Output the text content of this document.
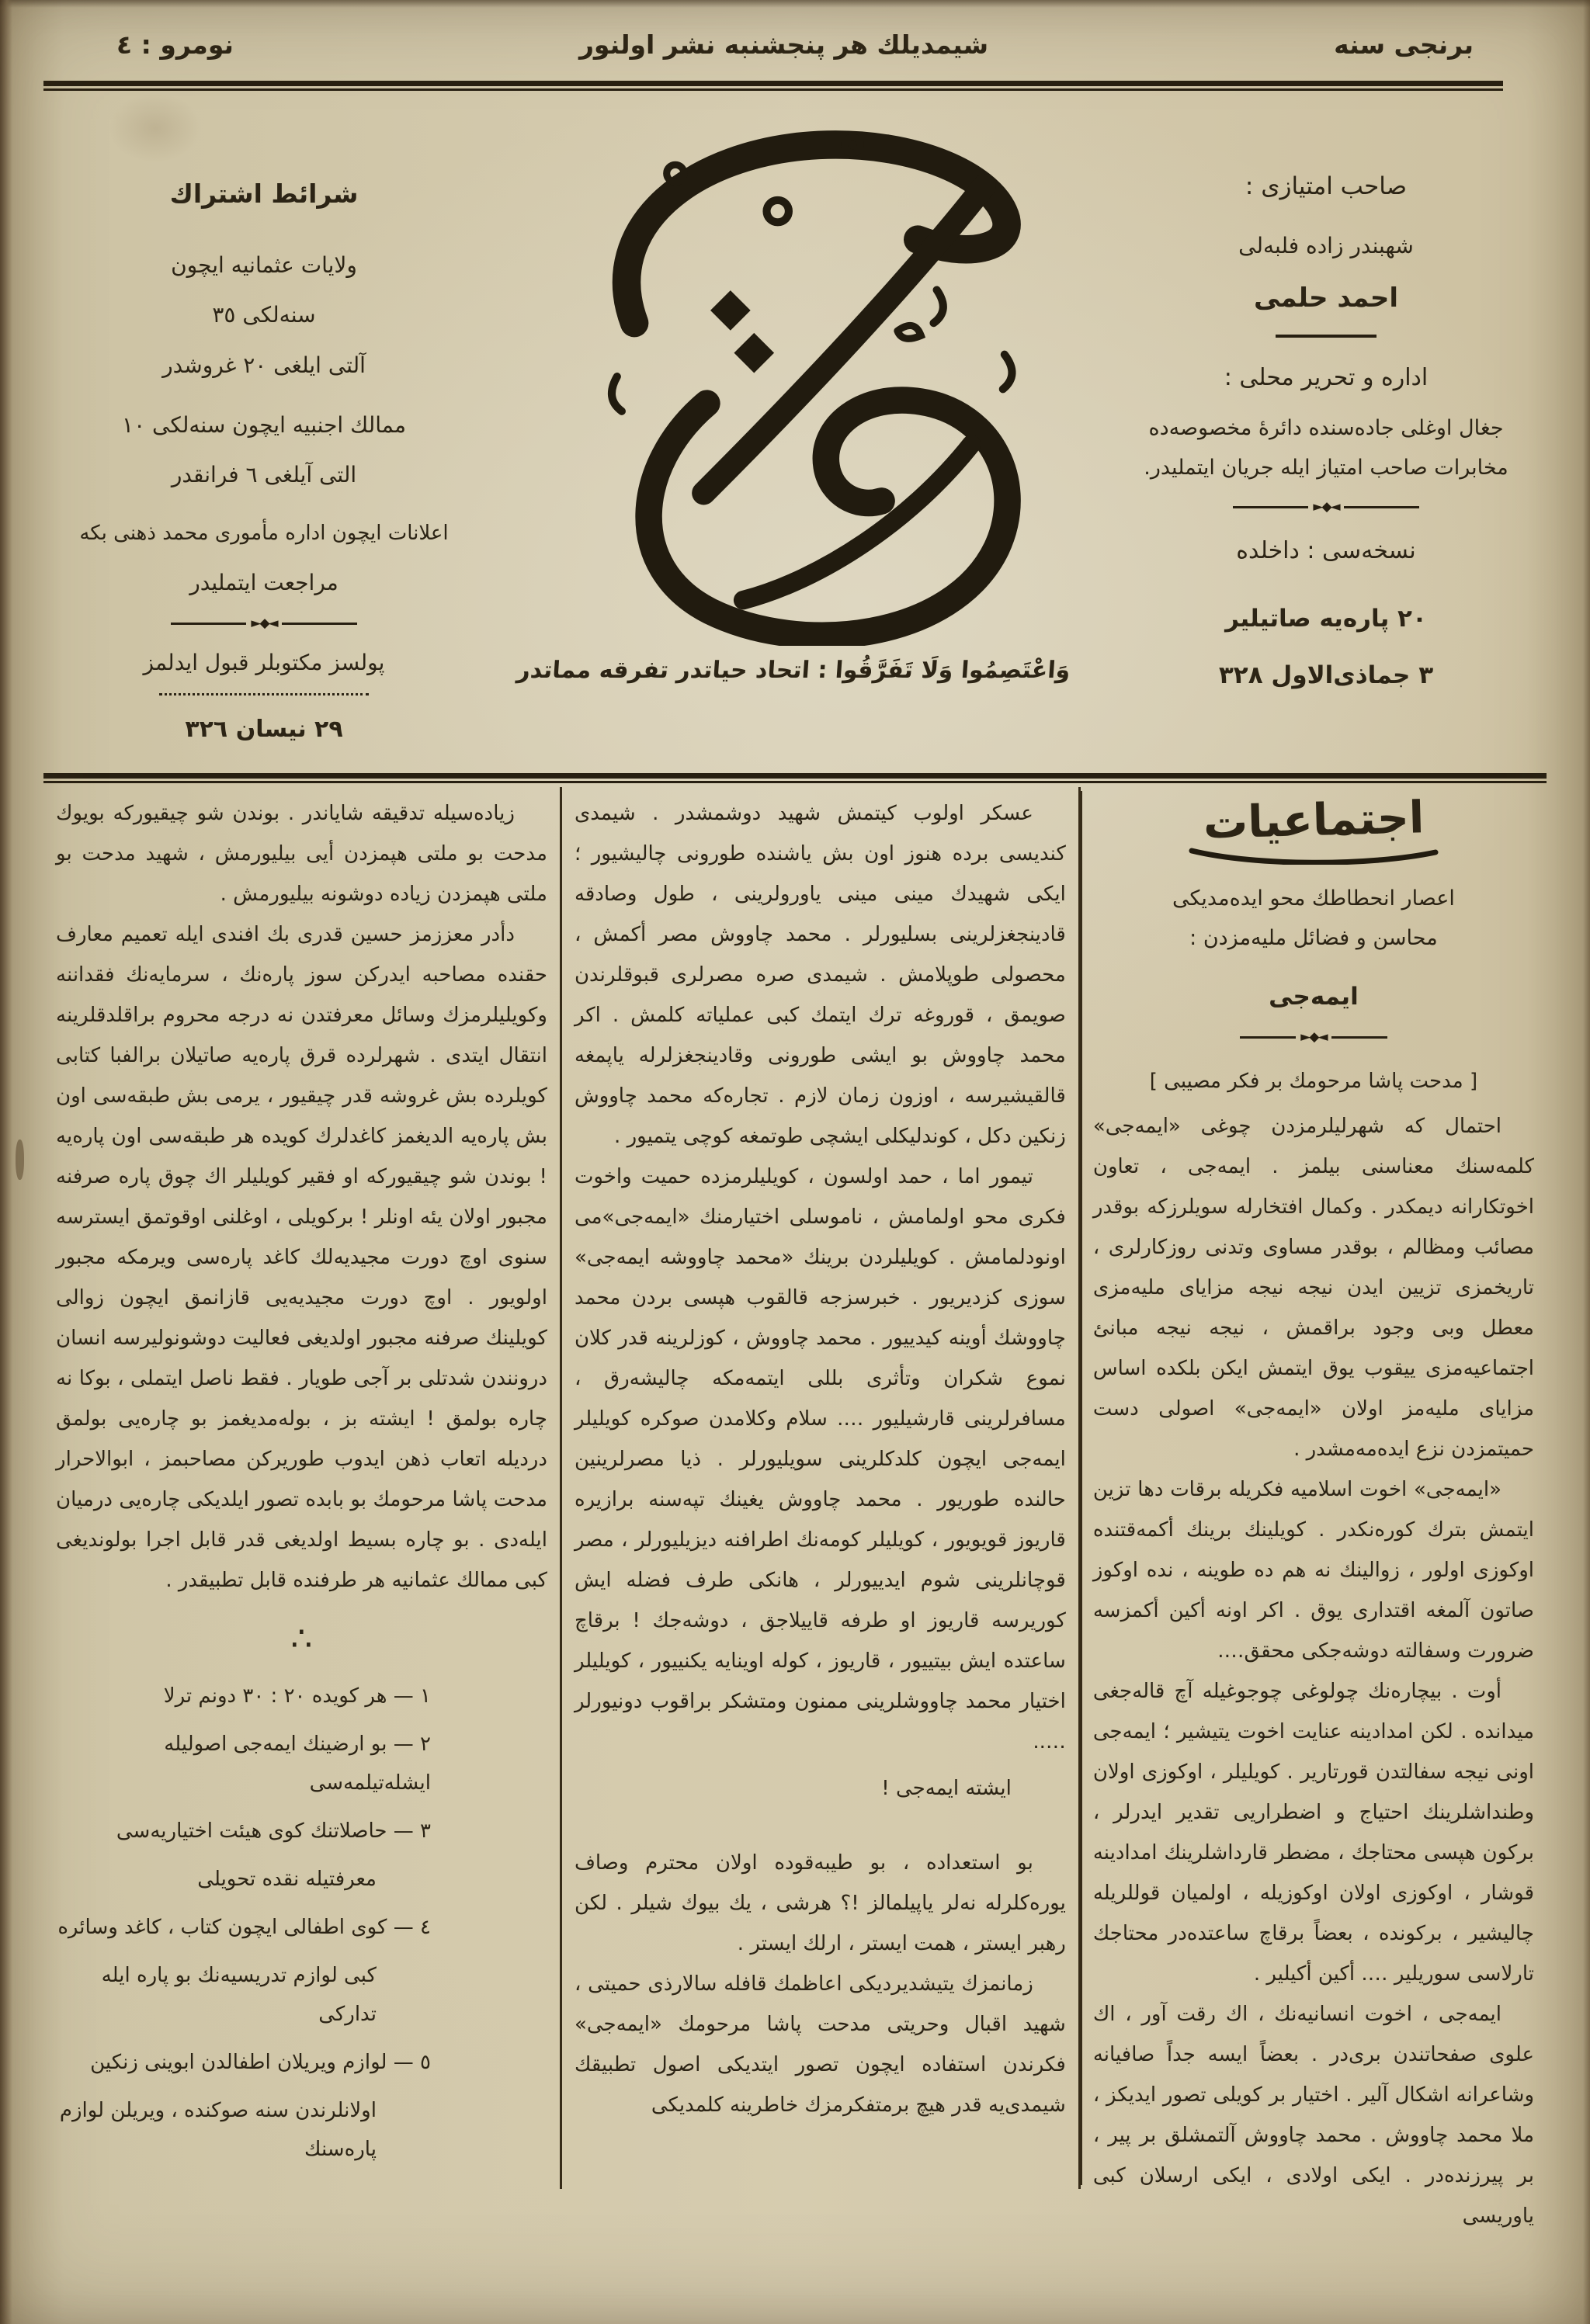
برنجی سنه
شیمدیلك هر پنجشنبه نشر اولنور
نومرو : ٤
صاحب امتیازی :
شهبندر زاده فلبه‌لی
احمد حلمی
اداره و تحریر محلی :
جغال اوغلی جاده‌سنده دائرهٔ مخصوصه‌ده
مخابرات صاحب امتیاز ایله جریان ایتملیدر.
◄◆►
نسخه‌سی : داخلده
٢٠ پاره‌یه صاتیلیر
٣ جماذی‌الاول ٣٢٨
شرائط اشتراك
ولایات عثمانیه ایچون
سنه‌لكی ٣٥
آلتی ایلغی ٢٠ غروشدر
ممالك اجنبیه ایچون سنه‌لكی ١٠
التی آیلغی ٦ فرانقدر
اعلانات ایچون اداره مأموری محمد ذهنی بكه
مراجعت ایتملیدر
◄◆►
پولسز مكتوبلر قبول ایدلمز
٢٩ نیسان ٣٢٦
وَاعْتَصِمُوا وَلَا تَفَرَّقُوا : اتحاد حیاتدر تفرقه مماتدر
اجتماعیات
اعصار انحطاطك محو ایده‌مدیكی
محاسن و فضائل ملیه‌مزدن :
ایمه‌جی
◄◆►
[ مدحت پاشا مرحومك بر فكر مصیبی ]
احتمال كه شهرلیلرمزدن چوغی «ایمه‌جی» كلمه‌سنك معناسنی بیلمز . ایمه‌جی ، تعاون اخوتكارانه دیمكدر . وكمال افتخارله سویلرزكه بوقدر مصائب ومظالم ، بوقدر مساوی وتدنی روزكارلری ، تاریخمزی تزیین ایدن نیجه نیجه مزایای ملیه‌مزی معطل وبی وجود براقمش ، نیجه نیجه مبانئ اجتماعیه‌مزی ییقوب یوق ایتمش ایكن بلكده اساس مزایای ملیه‌مز اولان «ایمه‌جی» اصولی دست حمیتمزدن نزع ایده‌مه‌مشدر .
«ایمه‌جی» اخوت اسلامیه فكریله برقات دها تزین ایتمش بترك كوره‌نكدر . كویلینك برینك أكمه‌قتنده اوكوزی اولور ، زوالینك نه هم ده طوینه ، نده اوكوز صاتون آلمغه اقتداری یوق . اكر اونه أكین أكمزسه ضرورت وسفالته دوشه‌جكی محقق….
أوت . بیچاره‌نك چولوغی چوجوغیله آچ قالەجغی میدانده . لكن امدادینه عنایت اخوت یتیشیر ؛ ایمه‌جی اونی نیجه سفالتدن قورتاریر . كویلیلر ، اوكوزی اولان وطنداشلرینك احتیاج و اضطراریی تقدیر ایدرلر ، بركون هپسی محتاجك ، مضطر قارداشلرینك امدادینه قوشار ، اوكوزی اولان اوكوزیله ، اولمیان قوللریله چالیشیر ، بركونده ، بعضاً برقاچ ساعتده‌در محتاجك تارلاسی سوریلیر …. أكین أكیلیر .
ایمه‌جی ، اخوت انسانیه‌نك ، اك رقت آور ، اك علوی صفحاتندن بری‌در . بعضاً ایسه جداً صافیانه وشاعرانه اشكال آلیر . اختیار بر كویلی تصور ایدیكز ، ملا محمد چاووش . محمد چاووش آلتمشلق بر پیر ، بر پیرزنده‌در . ایكی اولادی ، ایكی ارسلان كبی یاوریسی
عسكر اولوب كیتمش شهید دوشمشدر . شیمدی كندیسی برده هنوز اون بش یاشنده طورونی چالیشیور ؛ ایكی شهیدك مینی مینی یاورولرینی ، طول وصادقه قادینجغزلرینی بسلیورلر . محمد چاووش مصر أكمش ، محصولی طوپلامش . شیمدی صره مصرلری قبوقلرندن صویمق ، قوروغه ترك ایتمك كبی عملیاته كلمش . اكر محمد چاووش بو ایشی طورونی وقادینجغزلرله یاپمغه قالقیشیرسه ، اوزون زمان لازم . تجاره‌كه محمد چاووش زنكین دكل ، كوندلیكلی ایشچی طوتمغه كوچی یتمیور .
تیمور اما ، حمد اولسون ، كویلیلرمزده حمیت واخوت فكری محو اولمامش ، ناموسلی اختیارمنك «ایمه‌جی»می اونودلمامش . كویلیلردن برینك «محمد چاووشه ایمه‌جی» سوزی كزدیریور . خبرسزجه قالقوب هپسی بردن محمد چاووشك أوینه كیدییور . محمد چاووش ، كوزلرینه قدر كلان نموع شكران وتأثری بللی ایتمه‌مكه چالیشه‌رق ، مسافرلرینی قارشیلیور …. سلام وكلامدن صوكره كویلیلر ایمه‌جی ایچون كلدكلرینی سویلیورلر . ذیا مصرلرینین حالنده طوریور . محمد چاووش یغینك تپه‌سنه برازیره قاریوز قویویور ، كویلیلر كومه‌نك اطرافنه دیزیلیورلر ، مصر قوچانلرینی شوم ایدییورلر ، هانكی طرف فضله ایش كوریرسه قاریوز او طرفه قاییلاجق ، دوشه‌جك ! برقاچ ساعتده ایش بیتییور ، قاریوز ، كوله اوینایه یكنییور ، كویلیلر اختیار محمد چاووشلرینی ممنون ومتشكر براقوب دونیورلر …..
ایشته ایمه‌جی !
بو استعداده ، بو طیبه‌قوده اولان محترم وصاف یوره‌كلرله نه‌لر یاپیلمالز !؟ هرشی ، یك بیوك شیلر . لكن رهبر ایستر ، همت ایستر ، ارلك ایستر .
زمانمزك یتیشدیردیكی اعاظمك قافله سالارذی حمیتی ، شهید اقبال وحریتی مدحت پاشا مرحومك «ایمه‌جی» فكرندن استفاده ایچون تصور ایتدیكی اصول تطبیقك شیمدی‌یه قدر هیچ برمتفكرمزك خاطرینه كلمدیكی
زیاده‌سیله تدقیقه شایاندر . بوندن شو چیقیوركه بویوك مدحت بو ملتی هپمزدن أیی بیلیورمش ، شهید مدحت بو ملتی هپمزدن زیاده دوشونه بیلیورمش .
دأدر معززمز حسین قدری بك افندی ایله تعمیم معارف حقنده مصاحبه ایدركن سوز پاره‌نك ، سرمایه‌نك فقداننه وكویلیلرمزك وسائل معرفتدن نه درجه محروم براقلدقلرینه انتقال ایتدی . شهرلرده قرق پاره‌یه صاتیلان برالفبا كتابی كویلرده بش غروشه قدر چیقیور ، یرمی بش طبقه‌سی اون بش پاره‌یه الدیغمز كاغدلرك كویده هر طبقه‌سی اون پاره‌یه ! بوندن شو چیقیوركه او فقیر كویلیلر اك چوق پاره صرفنه مجبور اولان یئه اونلر ! بركویلی ، اوغلنی اوقوتمق ایسترسه سنوی اوچ دورت مجیدیه‌لك كاغد پاره‌سی ویرمكه مجبور اولویور . اوچ دورت مجیدیه‌یی قازانمق ایچون زوالی كویلینك صرفنه مجبور اولدیغی فعالیت دوشونولیرسه انسان درونندن شدتلی بر آجی طویار . فقط ناصل ایتملی ، بوكا نه چاره بولمق ! ایشته بز ، بوله‌مدیغمز بو چاره‌یی بولمق دردیله اتعاب ذهن ایدوب طوریركن مصاحبمز ، ابوالاحرار مدحت پاشا مرحومك بو بابده تصور ایلدیكی چاره‌یی درمیان ایله‌دی . بو چاره بسیط اولدیغی قدر قابل اجرا بولوندیغی كبی ممالك عثمانیه هر طرفنده قابل تطبیقدر .
∴
١ — هر كویده ٢٠ : ٣٠ دونم ترلا
٢ — بو ارضینك ایمه‌جی اصولیله ایشله‌تیلمه‌سی
٣ — حاصلاتنك كوی هیئت اختیاریه‌سی
معرفتیله نقده تحویلی
٤ — كوی اطفالی ایچون كتاب ، كاغد وسائره
كبی لوازم تدریسیه‌نك بو پاره ایله تداركی
٥ — لوازم ویریلان اطفالدن ابوینی زنكین
اولانلرندن سنه صوكنده ، ویریلن لوازم پاره‌سنك
